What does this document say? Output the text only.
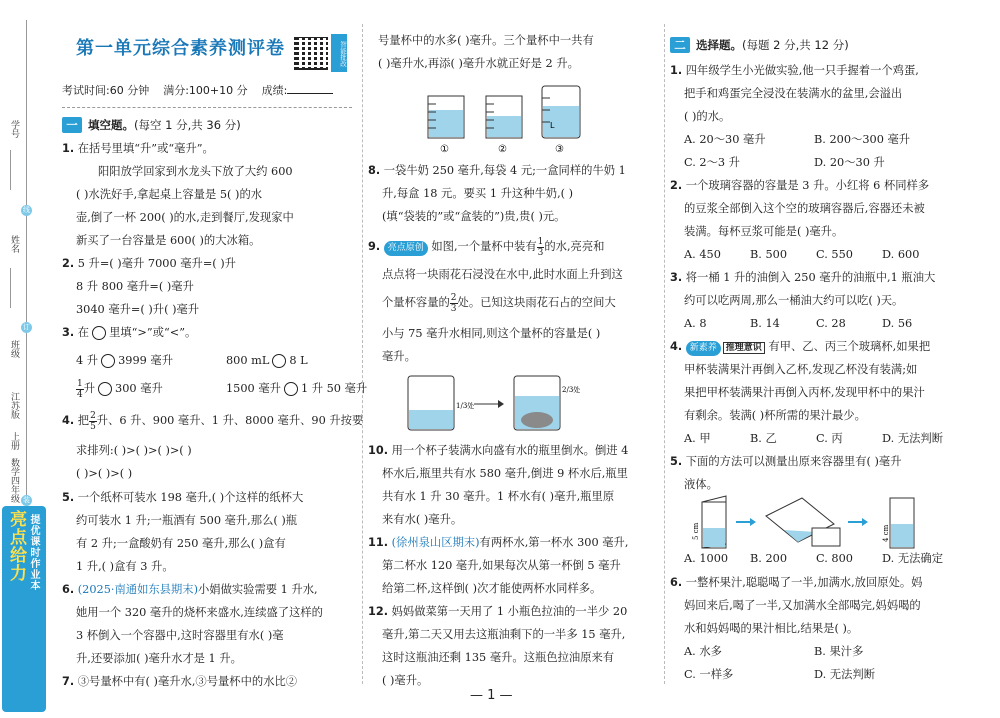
学号
线
姓名
订
班级
江苏版
上册
数学四年级 装
亮点给力 提优课时作业本
第一单元综合素养测评卷	智能批改
考试时间:60 分钟 满分:100+10 分 成绩:
一 填空题。(每空 1 分,共 36 分)
1. 在括号里填“升”或“毫升”。
阳阳放学回家到水龙头下放了大约 600
( )水洗好手,拿起桌上容量是 5( )的水
壶,倒了一杯 200( )的水,走到餐厅,发现家中
新买了一台容量是 600( )的大冰箱。
2. 5 升=( )毫升 7000 毫升=( )升
8 升 800 毫升=( )毫升
3040 毫升=( )升( )毫升
3. 在 里填“>”或“<”。
4 升 3999 毫升	800 mL 8 L
$\frac{1}{4}$ 升 300 毫升	1500 毫升 1 升 50 毫升
4. 把 $\frac{2}{5}$ 升、6 升、900 毫升、1 升、8000 毫升、90 升按要
求排列:( )>( )>( )>( )
( )>( )>( )
5. 一个纸杯可装水 198 毫升,( )个这样的纸杯大
约可装水 1 升;一瓶酒有 500 毫升,那么( )瓶
有 2 升;一盒酸奶有 250 毫升,那么( )盒有
1 升,( )盒有 3 升。
6. (2025·南通如东县期末)小娟做实验需要 1 升水,
她用一个 320 毫升的烧杯来盛水,连续盛了这样的
3 杯倒入一个容器中,这时容器里有水( )毫
升,还要添加( )毫升水才是 1 升。
7. ③号量杯中有( )毫升水,③号量杯中的水比②
号量杯中的水多( )毫升。三个量杯中一共有
( )毫升水,再添( )毫升水就正好是 2 升。
L
①	②	③
8. 一袋牛奶 250 毫升,每袋 4 元;一盒同样的牛奶 1
升,每盒 18 元。要买 1 升这种牛奶,( )
(填“袋装的”或“盒装的”)贵,贵( )元。
9. 亮点原创 如图,一个量杯中装有 $\frac{1}{3}$ 的水,亮亮和
点点将一块雨花石浸没在水中,此时水面上升到这
个量杯容量的 $\frac{2}{3}$ 处。已知这块雨花石占的空间大
小与 75 毫升水相同,则这个量杯的容量是( )
毫升。
1/3处
2/3处
10. 用一个杯子装满水向盛有水的瓶里倒水。倒进 4
杯水后,瓶里共有水 580 毫升,倒进 9 杯水后,瓶里
共有水 1 升 30 毫升。1 杯水有( )毫升,瓶里原
来有水( )毫升。
11. (徐州泉山区期末)有两杯水,第一杯水 300 毫升,
第二杯水 120 毫升,如果每次从第一杯倒 5 毫升
给第二杯,这样倒( )次才能使两杯水同样多。
12. 妈妈做菜第一天用了 1 小瓶色拉油的一半少 20
毫升,第二天又用去这瓶油剩下的一半多 15 毫升,
这时这瓶油还剩 135 毫升。这瓶色拉油原来有
( )毫升。
二 选择题。(每题 2 分,共 12 分)
1. 四年级学生小光做实验,他一只手握着一个鸡蛋,
把手和鸡蛋完全浸没在装满水的盆里,会溢出
( )的水。
A. 20～30 毫升	B. 200～300 毫升
C. 2～3 升	D. 20～30 升
2. 一个玻璃容器的容量是 3 升。小红将 6 杯同样多
的豆浆全部倒入这个空的玻璃容器后,容器还未被
装满。每杯豆浆可能是( )毫升。
A. 450	B. 500	C. 550	D. 600
3. 将一桶 1 升的油倒入 250 毫升的油瓶中,1 瓶油大
约可以吃两周,那么一桶油大约可以吃( )天。
A. 8	B. 14	C. 28	D. 56
4. 新素养 推理意识 有甲、乙、丙三个玻璃杯,如果把
甲杯装满果汁再倒入乙杯,发现乙杯没有装满;如
果把甲杯装满果汁再倒入丙杯,发现甲杯中的果汁
有剩余。装满( )杯所需的果汁最少。
A. 甲	B. 乙	C. 丙	D. 无法判断
5. 下面的方法可以测量出原来容器里有( )毫升
液体。
5 cm	4 cm
A. 1000 B. 200	C. 800	D. 无法确定
6. 一整杯果汁,聪聪喝了一半,加满水,放回原处。妈
妈回来后,喝了一半,又加满水全部喝完,妈妈喝的
水和妈妈喝的果汁相比,结果是( )。
A. 水多	B. 果汁多
C. 一样多	D. 无法判断
— 1 —
